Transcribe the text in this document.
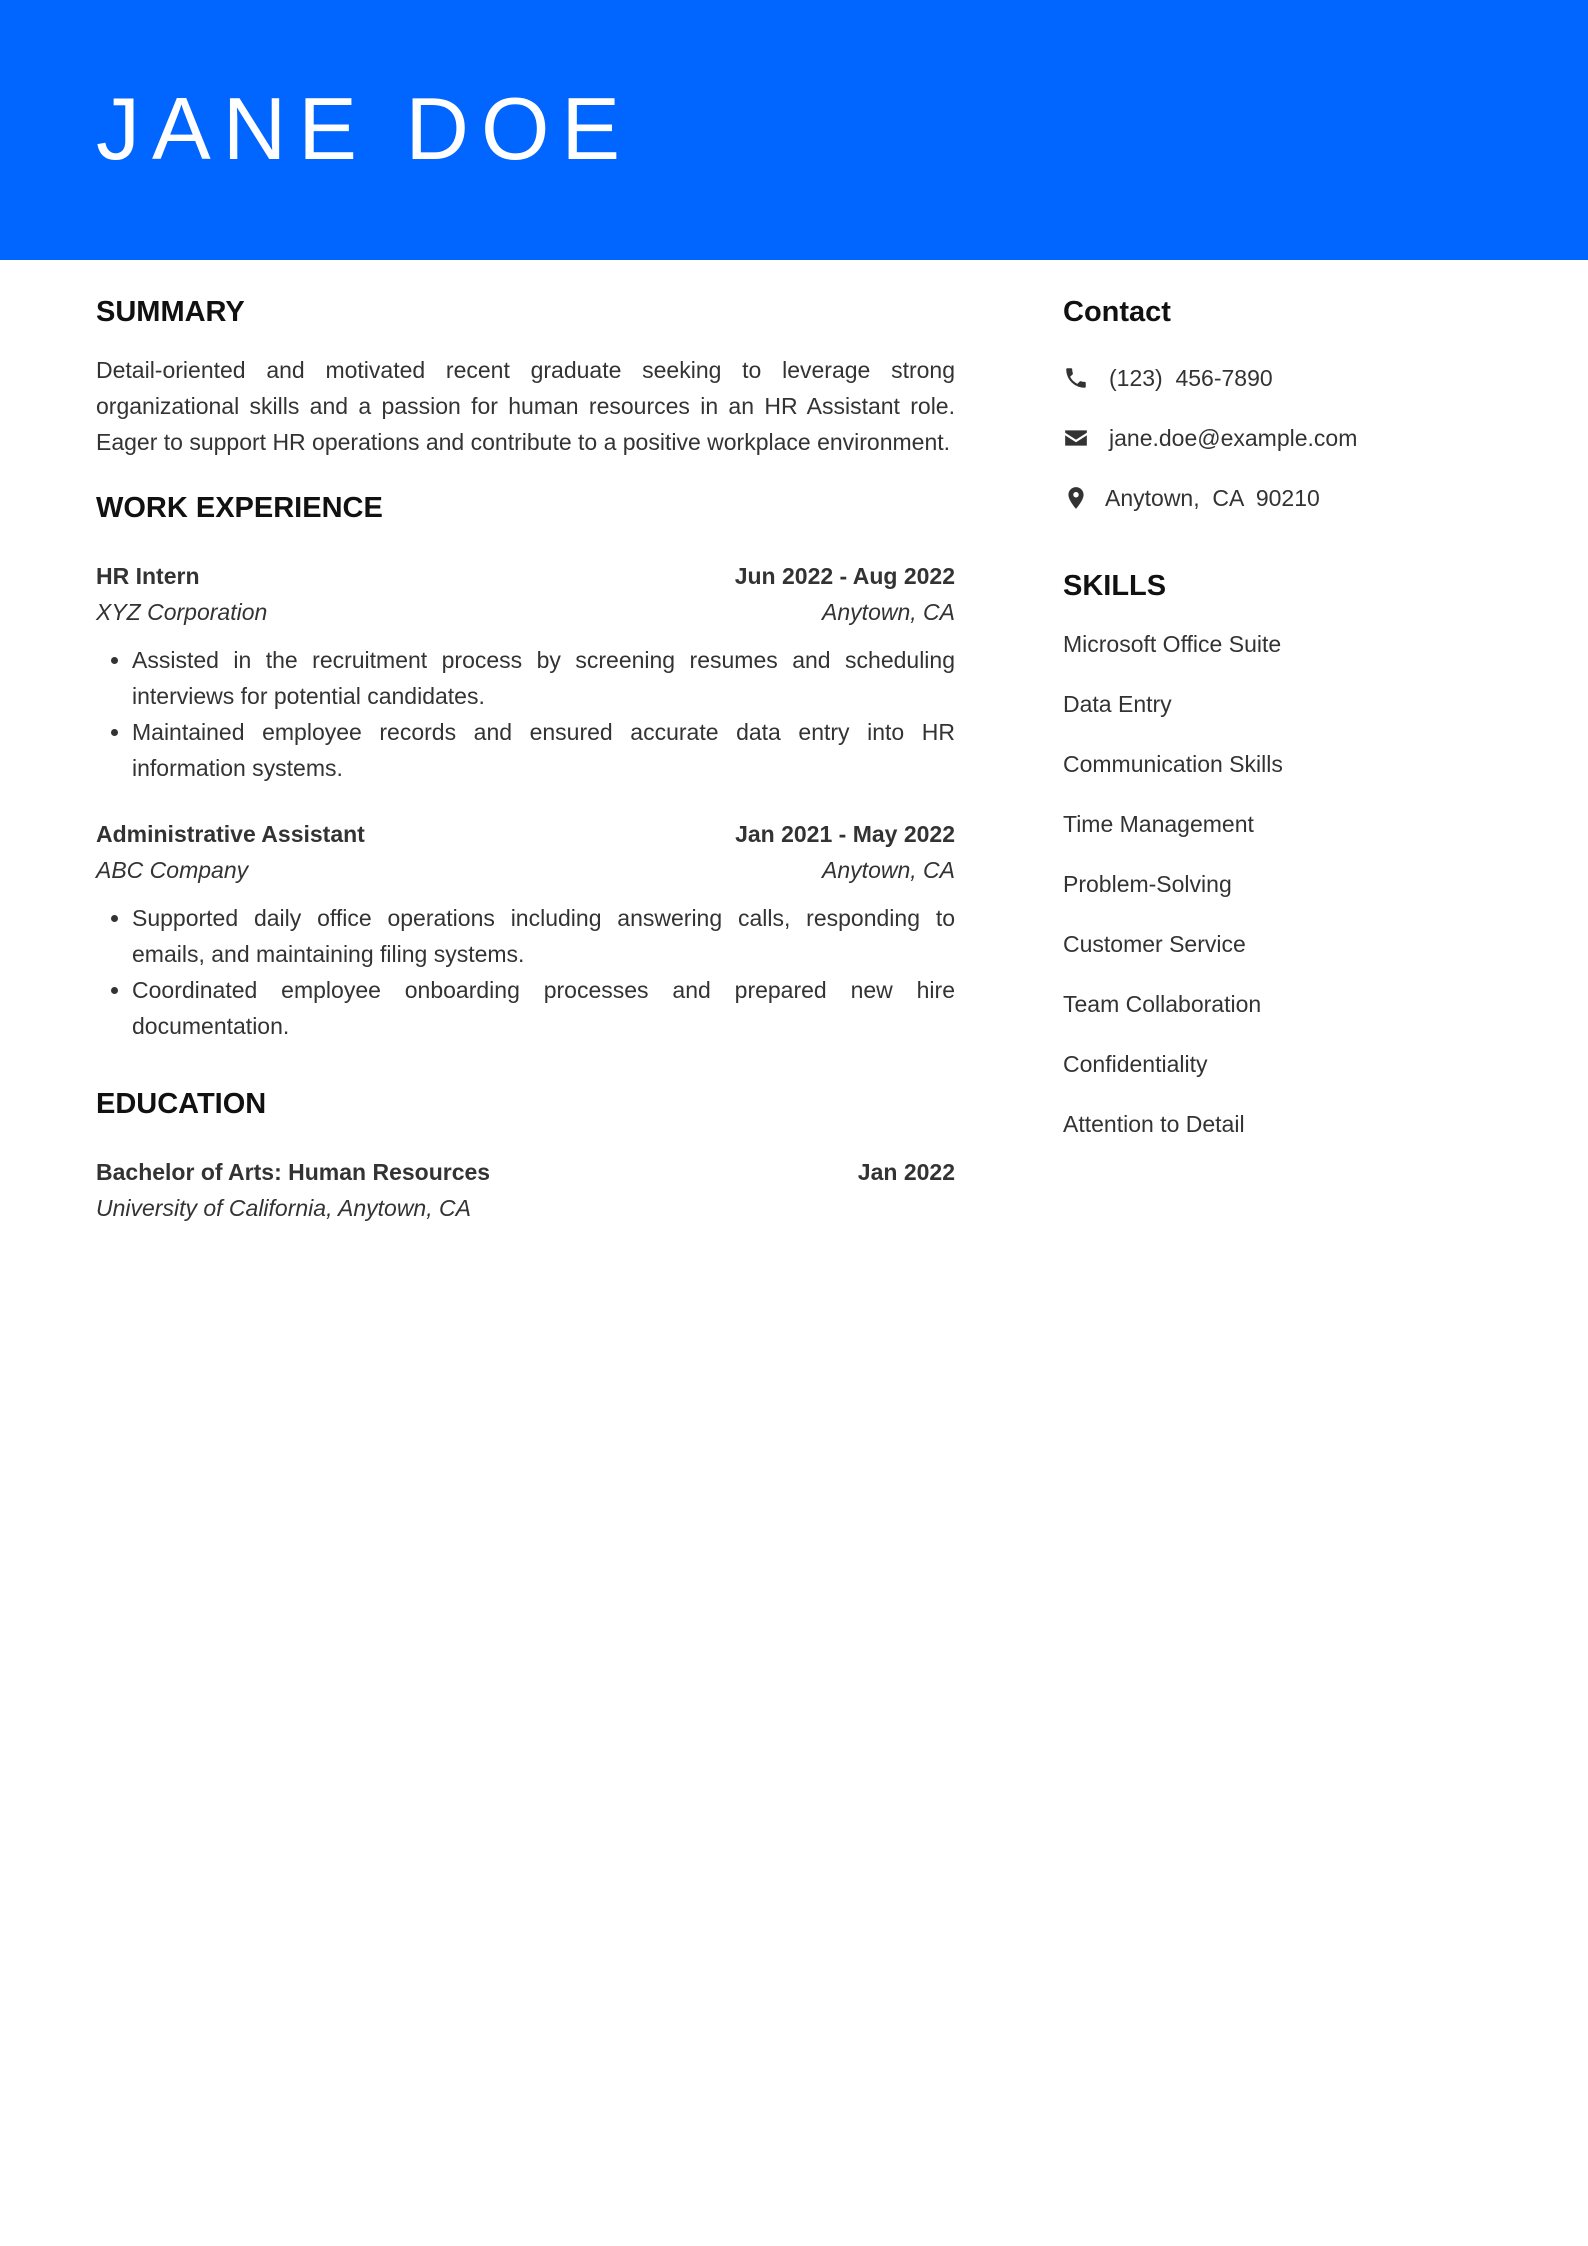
JANE DOE
SUMMARY

Detail-oriented and motivated recent graduate seeking to leverage strong organizational skills and a passion for human resources in an HR Assistant role. Eager to support HR operations and contribute to a positive workplace environment.

WORK EXPERIENCE
HR Intern	Jun 2022 - Aug 2022
XYZ Corporation	Anytown, CA
• Assisted in the recruitment process by screening resumes and scheduling interviews for potential candidates.
• Maintained employee records and ensured accurate data entry into HR information systems.
Administrative Assistant	Jan 2021 - May 2022
ABC Company	Anytown, CA
• Supported daily office operations including answering calls, responding to emails, and maintaining filing systems.
• Coordinated employee onboarding processes and prepared new hire documentation.
EDUCATION
Bachelor of Arts: Human Resources	Jan 2022
University of California, Anytown, CA
Contact
(123)  456-7890
jane.doe@example.com
Anytown,  CA  90210
SKILLS
Microsoft Office Suite
Data Entry
Communication Skills
Time Management
Problem-Solving
Customer Service
Team Collaboration
Confidentiality
Attention to Detail
